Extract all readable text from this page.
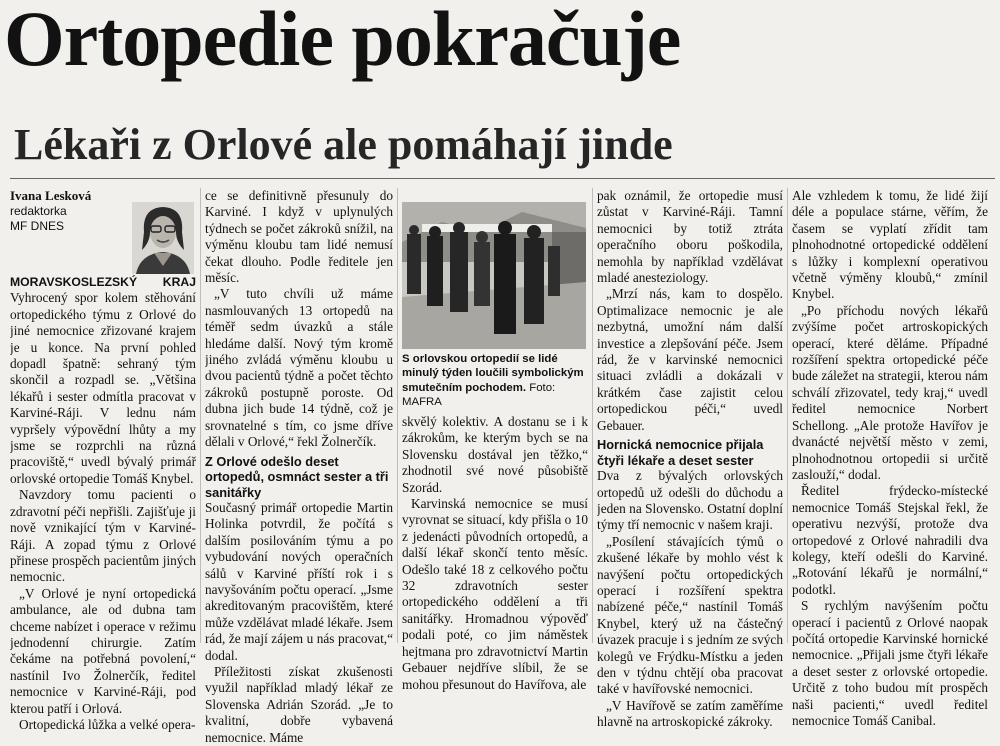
Ortopedie pokračuje
Lékaři z Orlové ale pomáhají jinde
Ivana Lesková
redaktorka
MF DNES

MORAVSKOSLEZSKÝ KRAJ Vyhrocený spor kolem stěhování ortopedického týmu z Orlové do jiné nemocnice zřizované krajem je u konce. Na první pohled dopadl špatně: sehraný tým skončil a rozpadl se. „Většina lékařů i sester odmítla pracovat v Karviné-Ráji. V lednu nám vypršely výpovědní lhůty a my jsme se rozprchli na různá pracoviště,“ uvedl bývalý primář orlovské ortopedie Tomáš Knybel.

Navzdory tomu pacienti o zdravotní péči nepřišli. Zajišťuje ji nově vznikající tým v Karviné-Ráji. A zopad týmu z Orlové přinese prospěch pacientům jiných nemocnic.

„V Orlové je nyní ortopedická ambulance, ale od dubna tam chceme nabízet i operace v režimu jednodenní chirurgie. Zatím čekáme na potřebná povolení,“ nastínil Ivo Žolnerčík, ředitel nemocnice v Karviné-Ráji, pod kterou patří i Orlová.

Ortopedická lůžka a velké opera-

ce se definitivně přesunuly do Karviné. I když v uplynulých týdnech se počet zákroků snížil, na výměnu kloubu tam lidé nemusí čekat dlouho. Podle ředitele jen měsíc.

„V tuto chvíli už máme nasmlouvaných 13 ortopedů na téměř sedm úvazků a stále hledáme další. Nový tým kromě jiného zvládá výměnu kloubu u dvou pacientů týdně a počet těchto zákroků postupně poroste. Od dubna jich bude 14 týdně, což je srovnatelné s tím, co jsme dříve dělali v Orlové,“ řekl Žolnerčík.

Z Orlové odešlo deset ortopedů, osmnáct sester a tři sanitářky

Současný primář ortopedie Martin Holinka potvrdil, že počítá s dalším posilováním týmu a po vybudování nových operačních sálů v Karviné příští rok i s navyšováním počtu operací. „Jsme akreditovaným pracovištěm, které může vzdělávat mladé lékaře. Jsem rád, že mají zájem u nás pracovat,“ dodal.

Příležitosti získat zkušenosti využil například mladý lékař ze Slovenska Adrián Szorád. „Je to kvalitní, dobře vybavená nemocnice. Máme

S orlovskou ortopedií se lidé minulý týden loučili symbolickým smutečním pochodem. Foto: MAFRA

skvělý kolektiv. A dostanu se i k zákrokům, ke kterým bych se na Slovensku dostával jen těžko,“ zhodnotil své nové působiště Szorád.

Karvinská nemocnice se musí vyrovnat se situací, kdy přišla o 10 z jedenácti původních ortopedů, a další lékař skončí tento měsíc. Odešlo také 18 z celkového počtu 32 zdravotních sester ortopedického oddělení a tři sanitářky. Hromadnou výpověď podali poté, co jim náměstek hejtmana pro zdravotnictví Martin Gebauer nejdříve slíbil, že se mohou přesunout do Havířova, ale

pak oznámil, že ortopedie musí zůstat v Karviné-Ráji. Tamní nemocnici by totiž ztráta operačního oboru poškodila, nemohla by například vzdělávat mladé anesteziology.

„Mrzí nás, kam to dospělo. Optimalizace nemocnic je ale nezbytná, umožní nám další investice a zlepšování péče. Jsem rád, že v karvinské nemocnici situaci zvládli a dokázali v krátkém čase zajistit celou ortopedickou péči,“ uvedl Gebauer.

Hornická nemocnice přijala čtyři lékaře a deset sester

Dva z bývalých orlovských ortopedů už odešli do důchodu a jeden na Slovensko. Ostatní doplní týmy tří nemocnic v našem kraji.

„Posílení stávajících týmů o zkušené lékaře by mohlo vést k navýšení počtu ortopedických operací i rozšíření spektra nabízené péče,“ nastínil Tomáš Knybel, který už na částečný úvazek pracuje i s jedním ze svých kolegů ve Frýdku-Místku a jeden den v týdnu chtějí oba pracovat také v havířovské nemocnici.

„V Havířově se zatím zaměříme hlavně na artroskopické zákroky.

Ale vzhledem k tomu, že lidé žijí déle a populace stárne, věřím, že časem se vyplatí zřídit tam plnohodnotné ortopedické oddělení s lůžky i komplexní operativou včetně výměny kloubů,“ zmínil Knybel.

„Po příchodu nových lékařů zvýšíme počet artroskopických operací, které děláme. Případné rozšíření spektra ortopedické péče bude záležet na strategii, kterou nám schválí zřizovatel, tedy kraj,“ uvedl ředitel nemocnice Norbert Schellong. „Ale protože Havířov je dvanácté největší město v zemi, plnohodnotnou ortopedii si určitě zaslouží,“ dodal.

Ředitel frýdecko-místecké nemocnice Tomáš Stejskal řekl, že operativu nezvýší, protože dva ortopedové z Orlové nahradili dva kolegy, kteří odešli do Karviné. „Rotování lékařů je normální,“ podotkl.

S rychlým navýšením počtu operací i pacientů z Orlové naopak počítá ortopedie Karvinské hornické nemocnice. „Přijali jsme čtyři lékaře a deset sester z orlovské ortopedie. Určitě z toho budou mít prospěch naši pacienti,“ uvedl ředitel nemocnice Tomáš Canibal.
